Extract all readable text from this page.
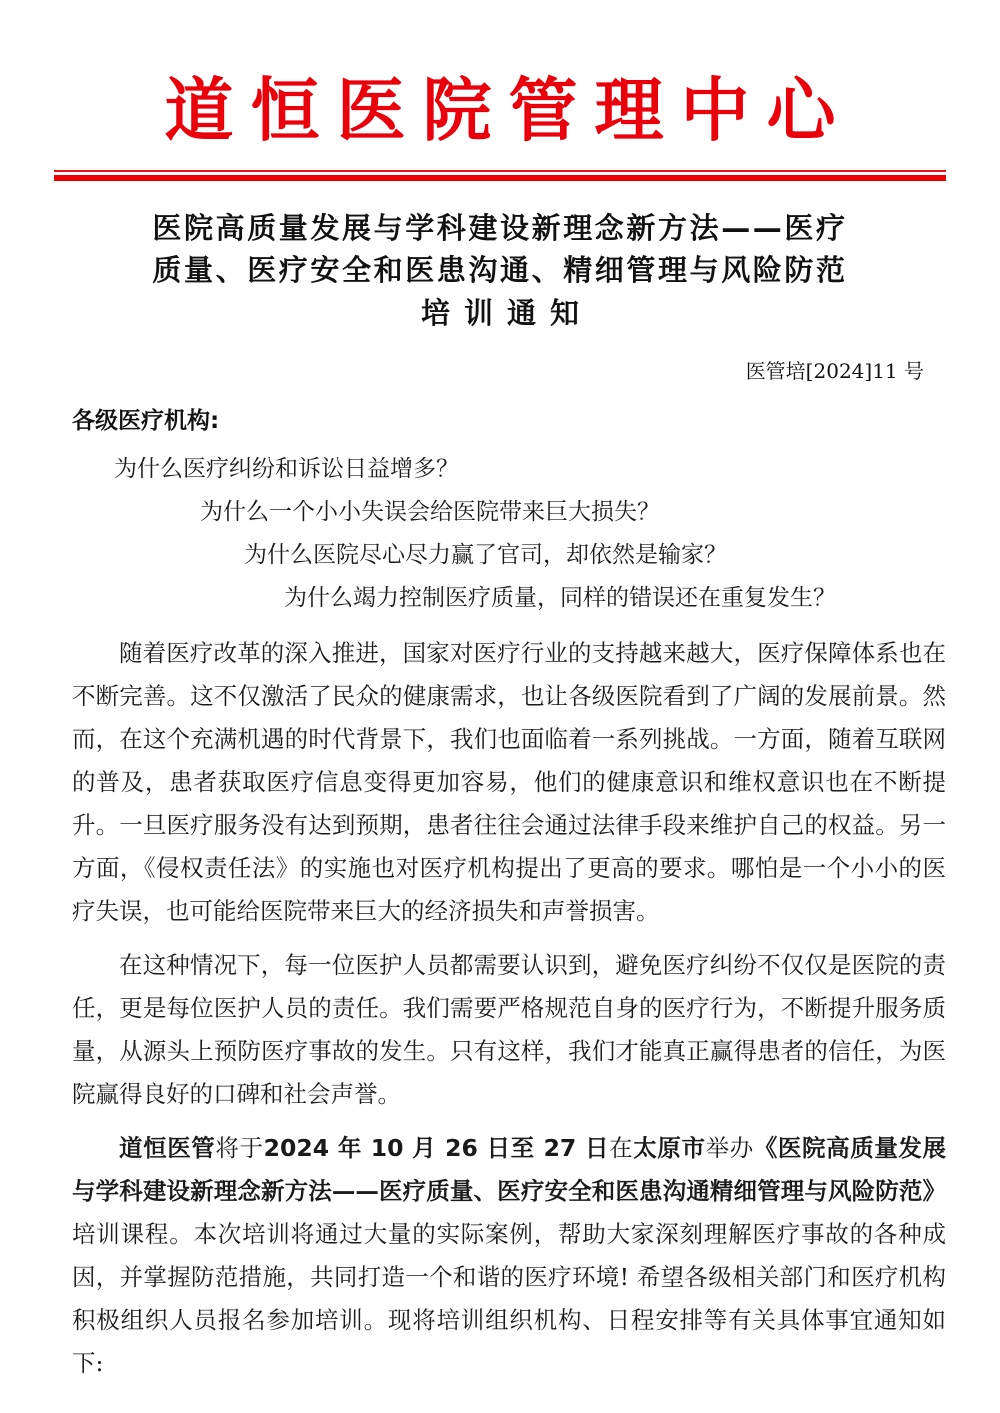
道恒医院管理中心
医院高质量发展与学科建设新理念新方法——医疗
质量、医疗安全和医患沟通、精细管理与风险防范
培训通知
医管培[2024]11 号
各级医疗机构:
为什么医疗纠纷和诉讼日益增多？
为什么一个小小失误会给医院带来巨大损失？
为什么医院尽心尽力赢了官司，却依然是输家？
为什么竭力控制医疗质量，同样的错误还在重复发生？

随着医疗改革的深入推进，国家对医疗行业的支持越来越大，医疗保障体系也在不断完善。这不仅激活了民众的健康需求，也让各级医院看到了广阔的发展前景。然而，在这个充满机遇的时代背景下，我们也面临着一系列挑战。一方面，随着互联网的普及，患者获取医疗信息变得更加容易，他们的健康意识和维权意识也在不断提升。一旦医疗服务没有达到预期，患者往往会通过法律手段来维护自己的权益。另一方面，《侵权责任法》的实施也对医疗机构提出了更高的要求。哪怕是一个小小的医疗失误，也可能给医院带来巨大的经济损失和声誉损害。

在这种情况下，每一位医护人员都需要认识到，避免医疗纠纷不仅仅是医院的责任，更是每位医护人员的责任。我们需要严格规范自身的医疗行为，不断提升服务质量，从源头上预防医疗事故的发生。只有这样，我们才能真正赢得患者的信任，为医院赢得良好的口碑和社会声誉。

道恒医管将于2024 年 10 月 26 日至 27 日在太原市举办《医院高质量发展与学科建设新理念新方法——医疗质量、医疗安全和医患沟通精细管理与风险防范》培训课程。本次培训将通过大量的实际案例，帮助大家深刻理解医疗事故的各种成因，并掌握防范措施，共同打造一个和谐的医疗环境! 希望各级相关部门和医疗机构积极组织人员报名参加培训。现将培训组织机构、日程安排等有关具体事宜通知如下:
